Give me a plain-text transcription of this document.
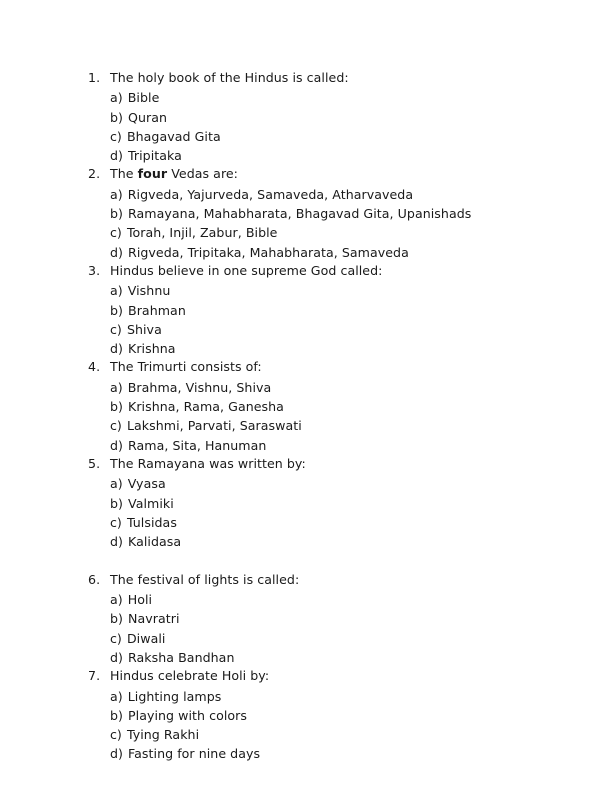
1. The holy book of the Hindus is called:
a) Bible
b) Quran
c) Bhagavad Gita
d) Tripitaka
2. The four Vedas are:
a) Rigveda, Yajurveda, Samaveda, Atharvaveda
b) Ramayana, Mahabharata, Bhagavad Gita, Upanishads
c) Torah, Injil, Zabur, Bible
d) Rigveda, Tripitaka, Mahabharata, Samaveda
3. Hindus believe in one supreme God called:
a) Vishnu
b) Brahman
c) Shiva
d) Krishna
4. The Trimurti consists of:
a) Brahma, Vishnu, Shiva
b) Krishna, Rama, Ganesha
c) Lakshmi, Parvati, Saraswati
d) Rama, Sita, Hanuman
5. The Ramayana was written by:
a) Vyasa
b) Valmiki
c) Tulsidas
d) Kalidasa
6. The festival of lights is called:
a) Holi
b) Navratri
c) Diwali
d) Raksha Bandhan
7. Hindus celebrate Holi by:
a) Lighting lamps
b) Playing with colors
c) Tying Rakhi
d) Fasting for nine days
